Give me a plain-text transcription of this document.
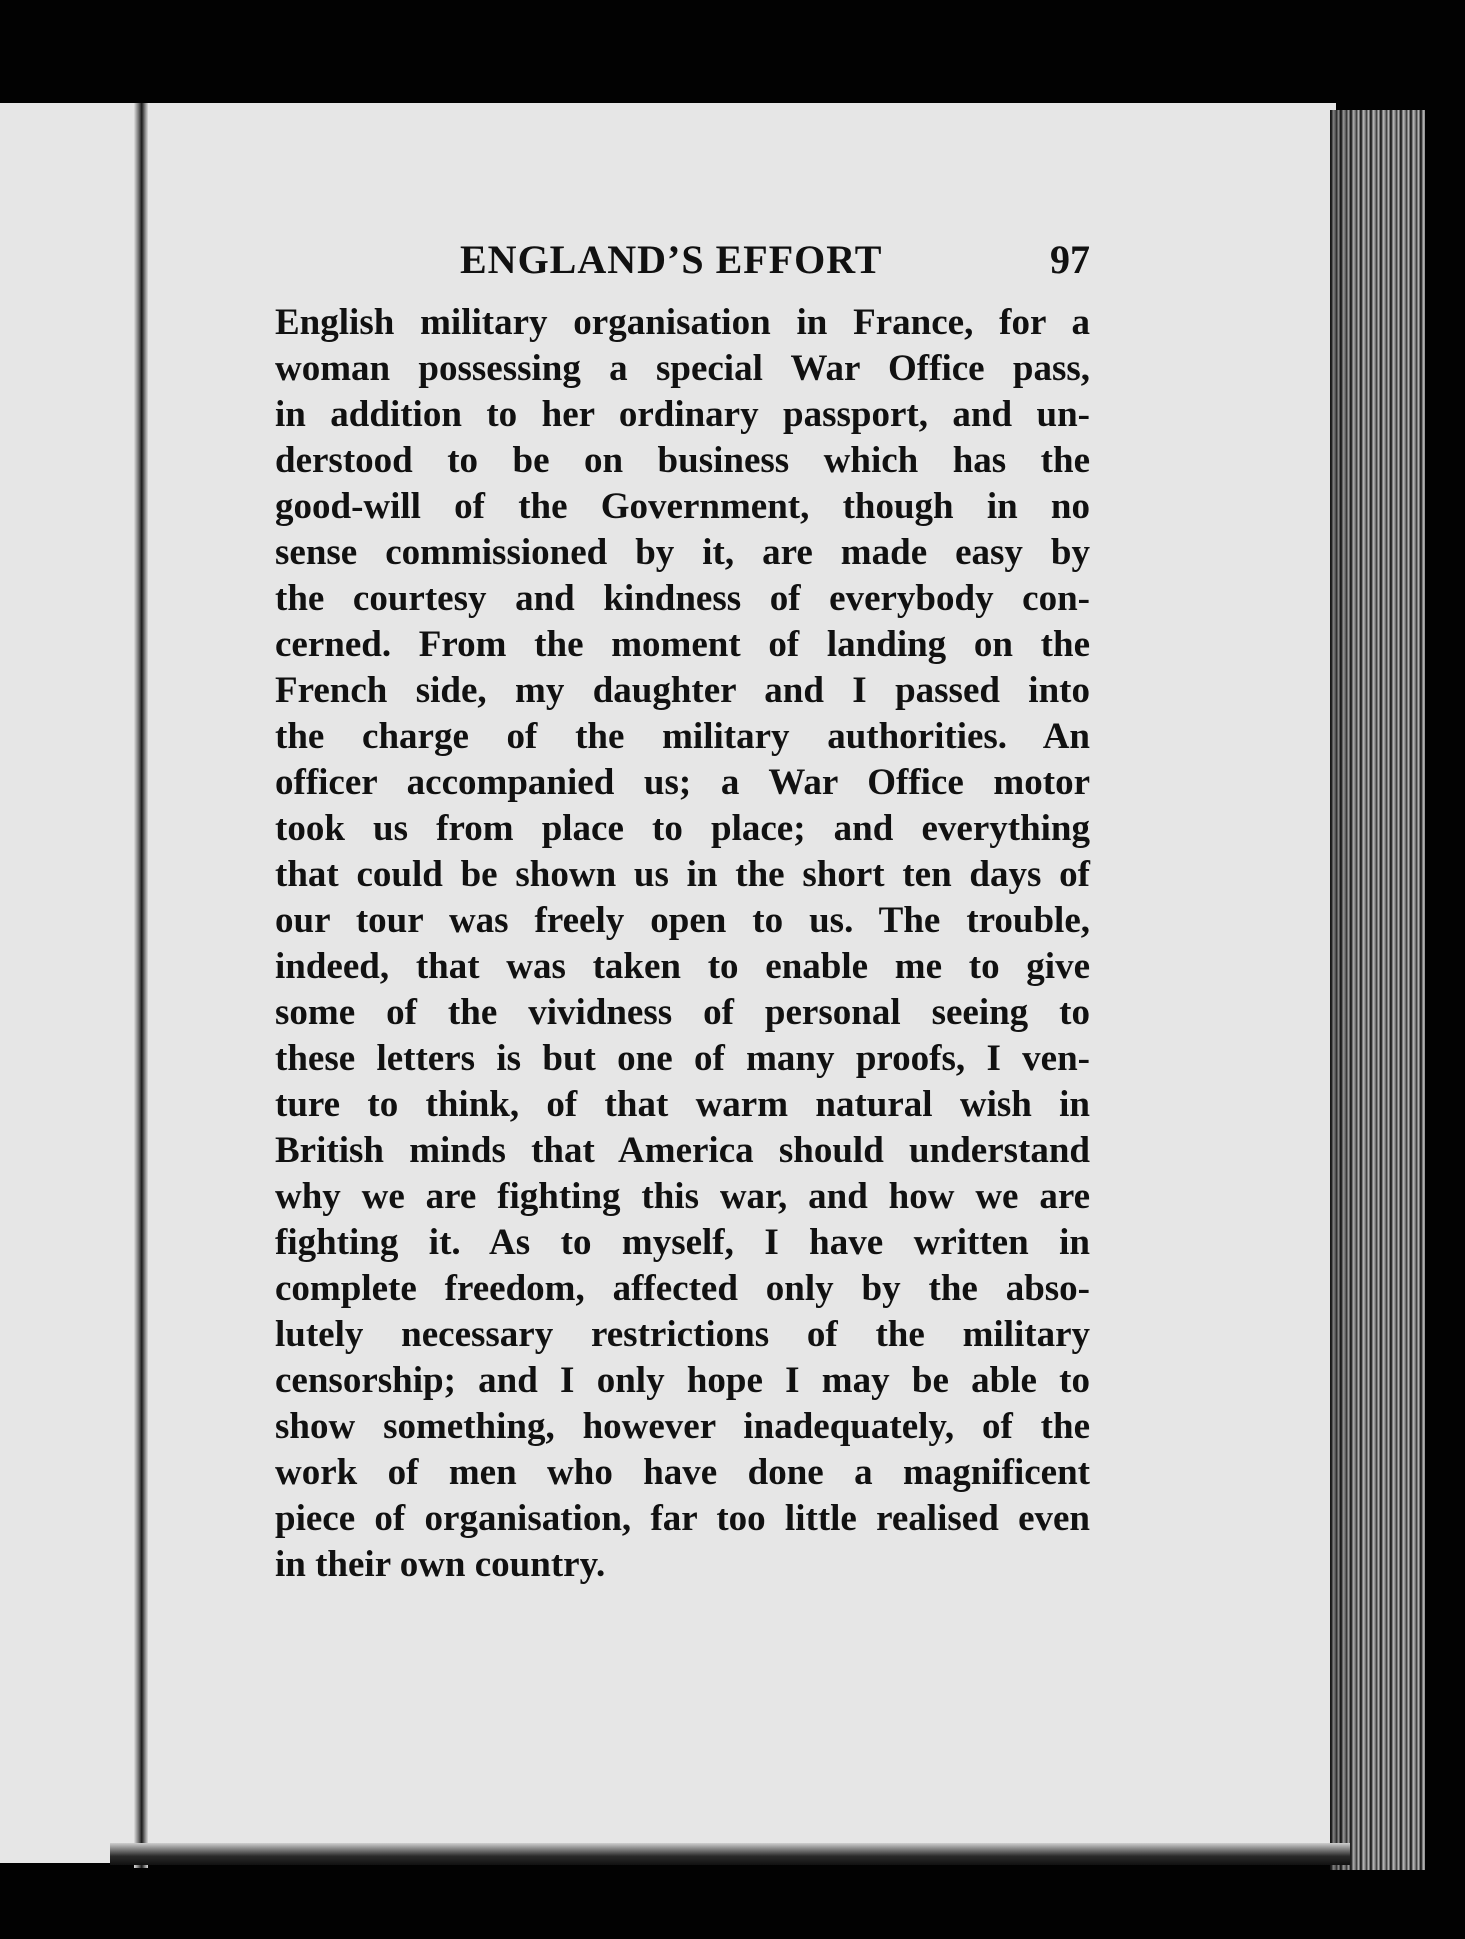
ENGLAND’S EFFORT	97
English military organisation in France, for a
woman possessing a special War Office pass,
in addition to her ordinary passport, and un-
derstood to be on business which has the
good-will of the Government, though in no
sense commissioned by it, are made easy by
the courtesy and kindness of everybody con-
cerned. From the moment of landing on the
French side, my daughter and I passed into
the charge of the military authorities. An
officer accompanied us; a War Office motor
took us from place to place; and everything
that could be shown us in the short ten days of
our tour was freely open to us. The trouble,
indeed, that was taken to enable me to give
some of the vividness of personal seeing to
these letters is but one of many proofs, I ven-
ture to think, of that warm natural wish in
British minds that America should understand
why we are fighting this war, and how we are
fighting it. As to myself, I have written in
complete freedom, affected only by the abso-
lutely necessary restrictions of the military
censorship; and I only hope I may be able to
show something, however inadequately, of the
work of men who have done a magnificent
piece of organisation, far too little realised even
in their own country.
